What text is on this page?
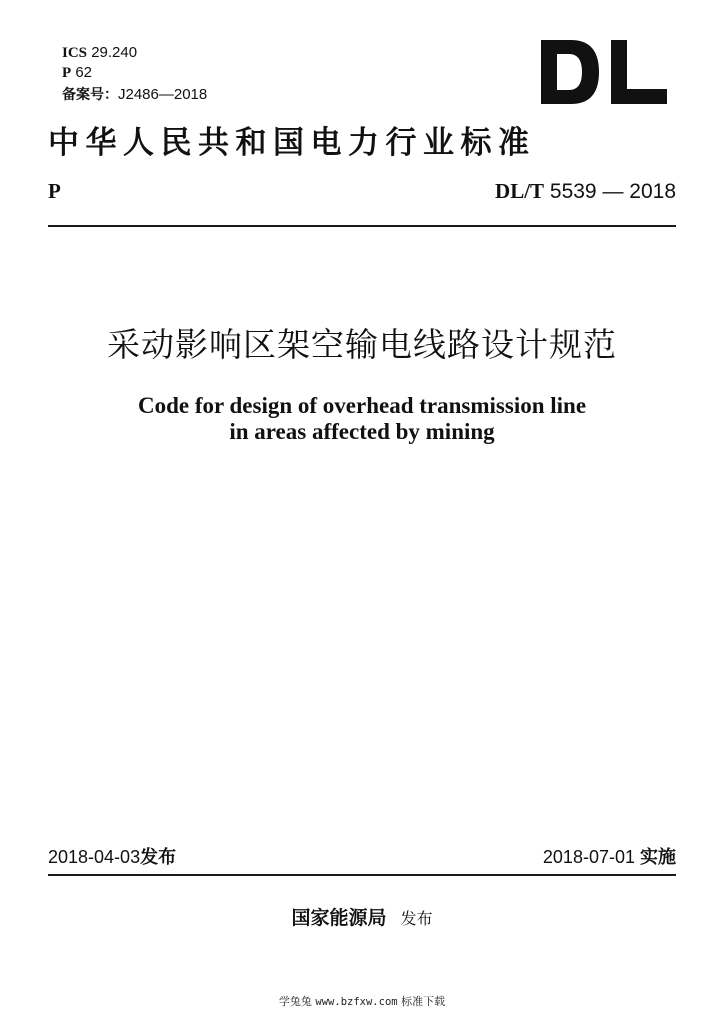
ICS 29.240
P 62
备案号：J2486—2018
中华人民共和国电力行业标准
P	DL/T 5539 — 2018
采动影响区架空输电线路设计规范
Code for design of overhead transmission line
in areas affected by mining
2018-04-03发布	2018-07-01 实施
国家能源局 发布
学兔兔 www.bzfxw.com 标准下载
